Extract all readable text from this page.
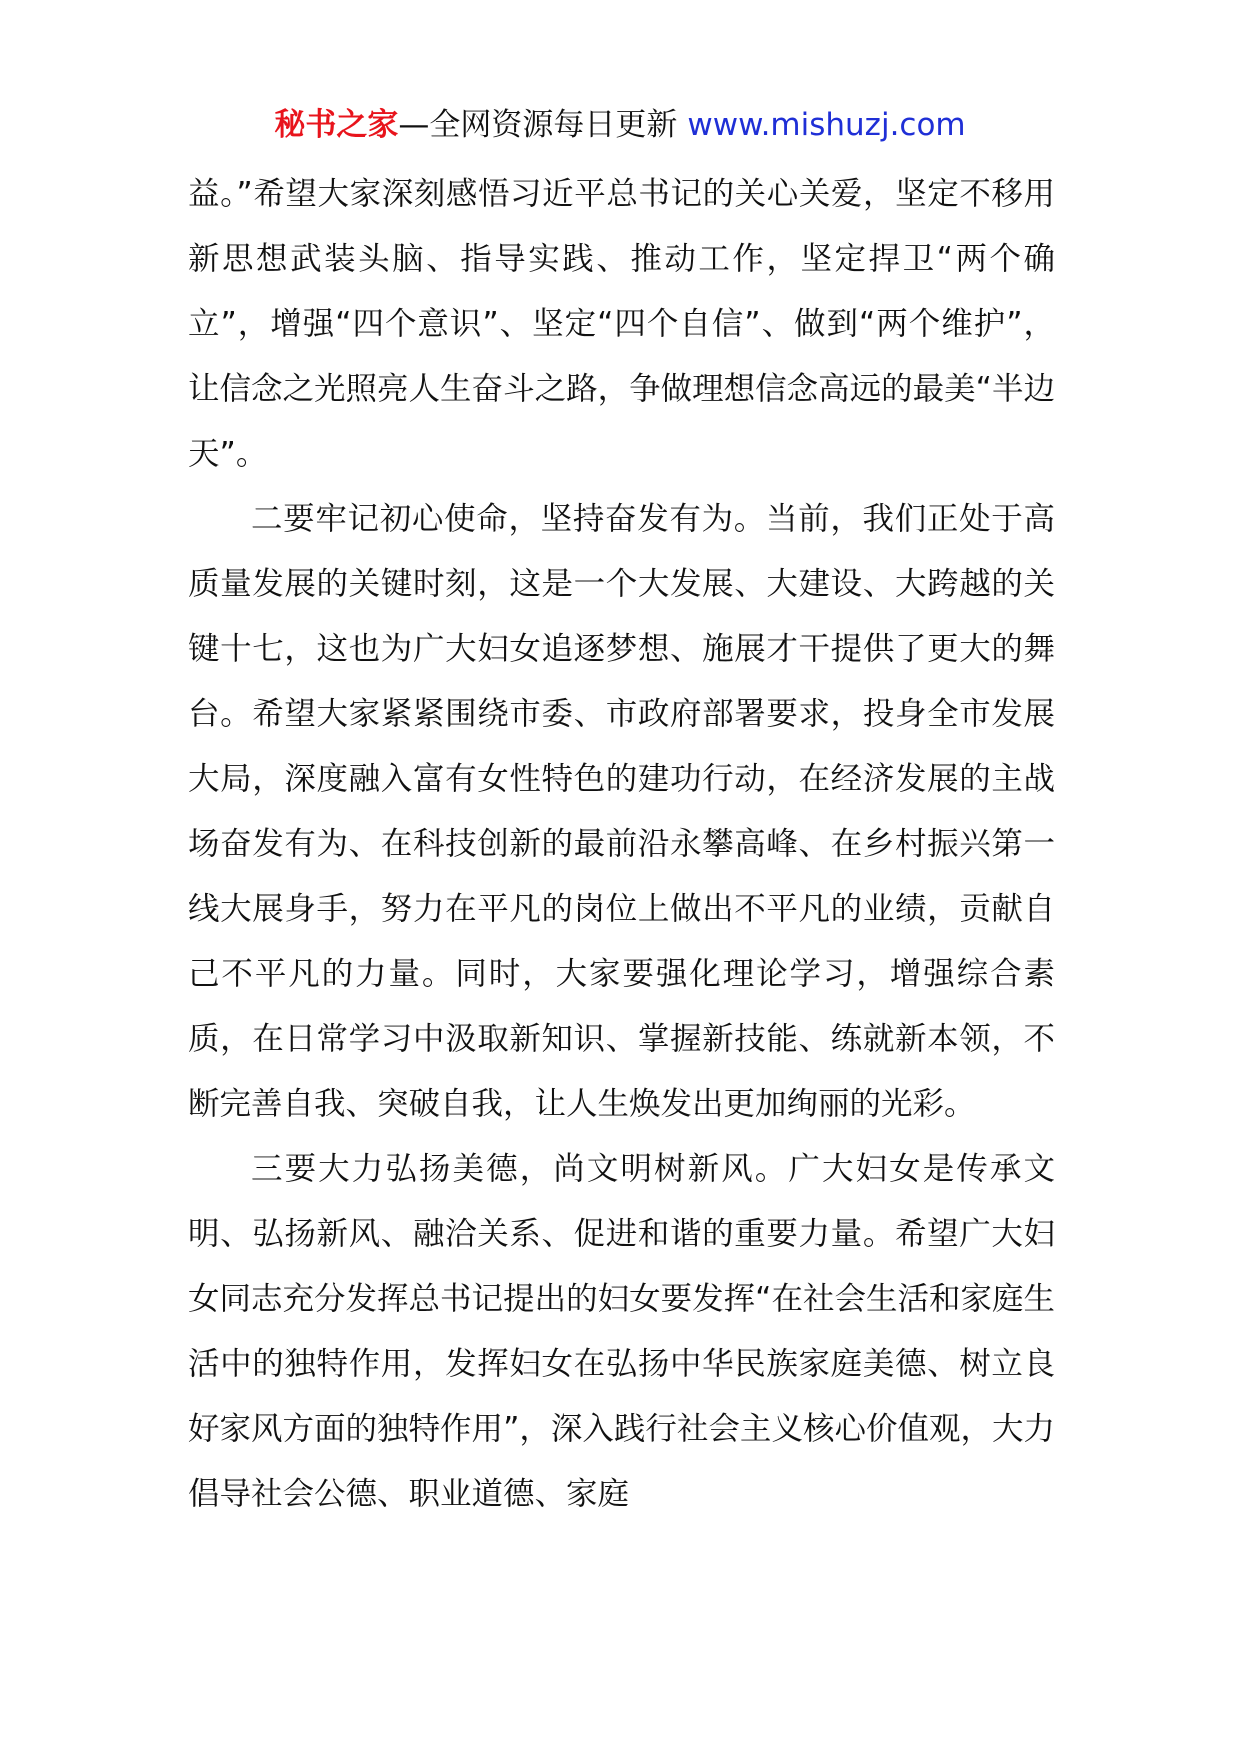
秘书之家—全网资源每日更新 www.mishuzj.com

益。”希望大家深刻感悟习近平总书记的关心关爱，坚定不移用新思想武装头脑、指导实践、推动工作，坚定捍卫“两个确立”，增强“四个意识”、坚定“四个自信”、做到“两个维护”，让信念之光照亮人生奋斗之路，争做理想信念高远的最美“半边天”。

二要牢记初心使命，坚持奋发有为。当前，我们正处于高质量发展的关键时刻，这是一个大发展、大建设、大跨越的关键十七，这也为广大妇女追逐梦想、施展才干提供了更大的舞台。希望大家紧紧围绕市委、市政府部署要求，投身全市发展大局，深度融入富有女性特色的建功行动，在经济发展的主战场奋发有为、在科技创新的最前沿永攀高峰、在乡村振兴第一线大展身手，努力在平凡的岗位上做出不平凡的业绩，贡献自己不平凡的力量。同时，大家要强化理论学习，增强综合素质，在日常学习中汲取新知识、掌握新技能、练就新本领，不断完善自我、突破自我，让人生焕发出更加绚丽的光彩。

三要大力弘扬美德，尚文明树新风。广大妇女是传承文明、弘扬新风、融洽关系、促进和谐的重要力量。希望广大妇女同志充分发挥总书记提出的妇女要发挥“在社会生活和家庭生活中的独特作用，发挥妇女在弘扬中华民族家庭美德、树立良好家风方面的独特作用”，深入践行社会主义核心价值观，大力倡导社会公德、职业道德、家庭
